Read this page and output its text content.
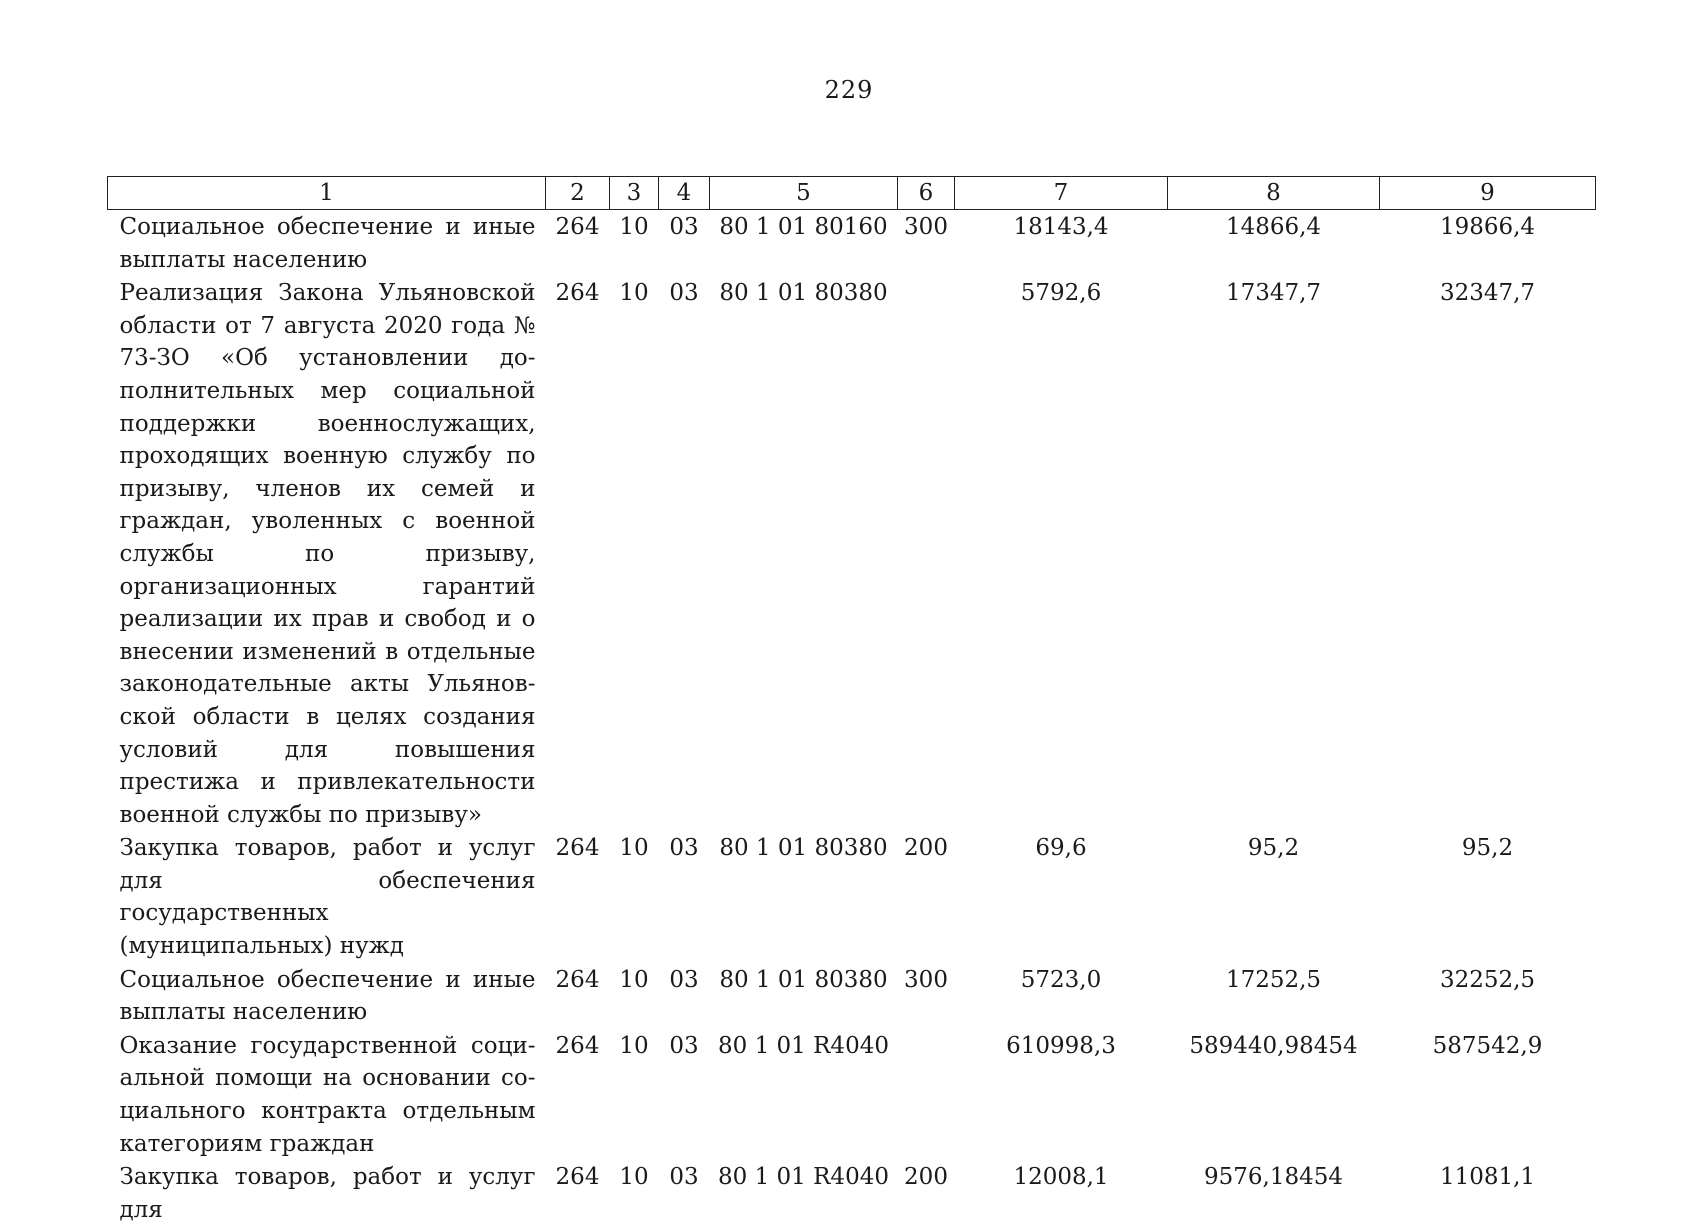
229
1	2	3	4	5	6	7	8	9
Социальное обеспечение и иные выплаты населению	264	10	03	80 1 01 80160	300	18143,4	14866,4	19866,4
Реализация Закона Ульяновской области от 7 августа 2020 года № 73-ЗО «Об установлении дополнительных мер социальной поддержки военнослужащих, проходящих военную службу по призыву, членов их семей и граждан, уволенных с военной службы по призыву, организационных гарантий реализации их прав и свобод и о внесении изменений в отдельные законодательные акты Ульяновской области в целях создания условий для повышения престижа и привлекательности военной службы по призыву»	264	10	03	80 1 01 80380		5792,6	17347,7	32347,7
Закупка товаров, работ и услуг для обеспечения государственных (муниципальных) нужд	264	10	03	80 1 01 80380	200	69,6	95,2	95,2
Социальное обеспечение и иные выплаты населению	264	10	03	80 1 01 80380	300	5723,0	17252,5	32252,5
Оказание государственной социальной помощи на основании социального контракта отдельным категориям граждан	264	10	03	80 1 01 R4040		610998,3	589440,98454	587542,9
Закупка товаров, работ и услуг для	264	10	03	80 1 01 R4040	200	12008,1	9576,18454	11081,1
